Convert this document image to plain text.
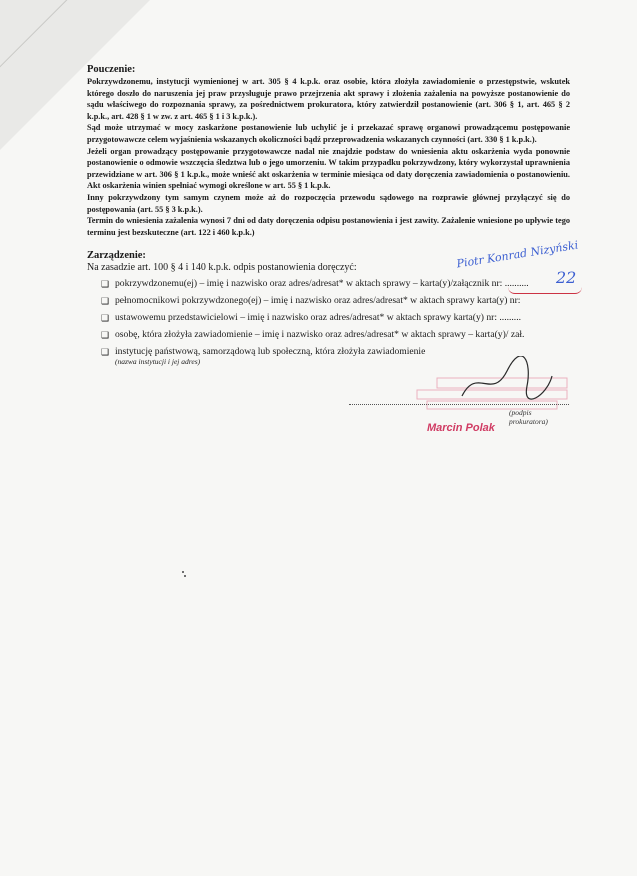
Pouczenie:

Pokrzywdzonemu, instytucji wymienionej w art. 305 § 4 k.p.k. oraz osobie, która złożyła zawiadomienie o przestępstwie, wskutek którego doszło do naruszenia jej praw przysługuje prawo przejrzenia akt sprawy i złożenia zażalenia na powyższe postanowienie do sądu właściwego do rozpoznania sprawy, za pośrednictwem prokuratora, który zatwierdził postanowienie (art. 306 § 1, art. 465 § 2 k.p.k., art. 428 § 1 w zw. z art. 465 § 1 i 3 k.p.k.).

Sąd może utrzymać w mocy zaskarżone postanowienie lub uchylić je i przekazać sprawę organowi prowadzącemu postępowanie przygotowawcze celem wyjaśnienia wskazanych okoliczności bądź przeprowadzenia wskazanych czynności (art. 330 § 1 k.p.k.).

Jeżeli organ prowadzący postępowanie przygotowawcze nadal nie znajdzie podstaw do wniesienia aktu oskarżenia wyda ponownie postanowienie o odmowie wszczęcia śledztwa lub o jego umorzeniu. W takim przypadku pokrzywdzony, który wykorzystał uprawnienia przewidziane w art. 306 § 1 k.p.k., może wnieść akt oskarżenia w terminie miesiąca od daty doręczenia zawiadomienia o postanowieniu. Akt oskarżenia winien spełniać wymogi określone w art. 55 § 1 k.p.k.

Inny pokrzywdzony tym samym czynem może aż do rozpoczęcia przewodu sądowego na rozprawie głównej przyłączyć się do postępowania (art. 55 § 3 k.p.k.).

Termin do wniesienia zażalenia wynosi 7 dni od daty doręczenia odpisu postanowienia i jest zawity. Zażalenie wniesione po upływie tego terminu jest bezskuteczne (art. 122 i 460 k.p.k.)

Zarządzenie:
Na zasadzie art. 100 § 4 i 140 k.p.k. odpis postanowienia doręczyć:
❑ pokrzywdzonemu(ej) – imię i nazwisko oraz adres/adresat* w aktach sprawy – karta(y)/załącznik nr: ..........
❑ pełnomocnikowi pokrzywdzonego(ej) – imię i nazwisko oraz adres/adresat* w aktach sprawy karta(y) nr:
❑ ustawowemu przedstawicielowi – imię i nazwisko oraz adres/adresat* w aktach sprawy karta(y) nr: .........
❑ osobę, która złożyła zawiadomienie – imię i nazwisko oraz adres/adresat* w aktach sprawy – karta(y)/ zał.
❑ instytucję państwową, samorządową lub społeczną, która złożyła zawiadomienie
(nazwa instytucji i jej adres)
(podpis prokuratora)
Marcin Polak
Piotr Konrad Nizyński
22
